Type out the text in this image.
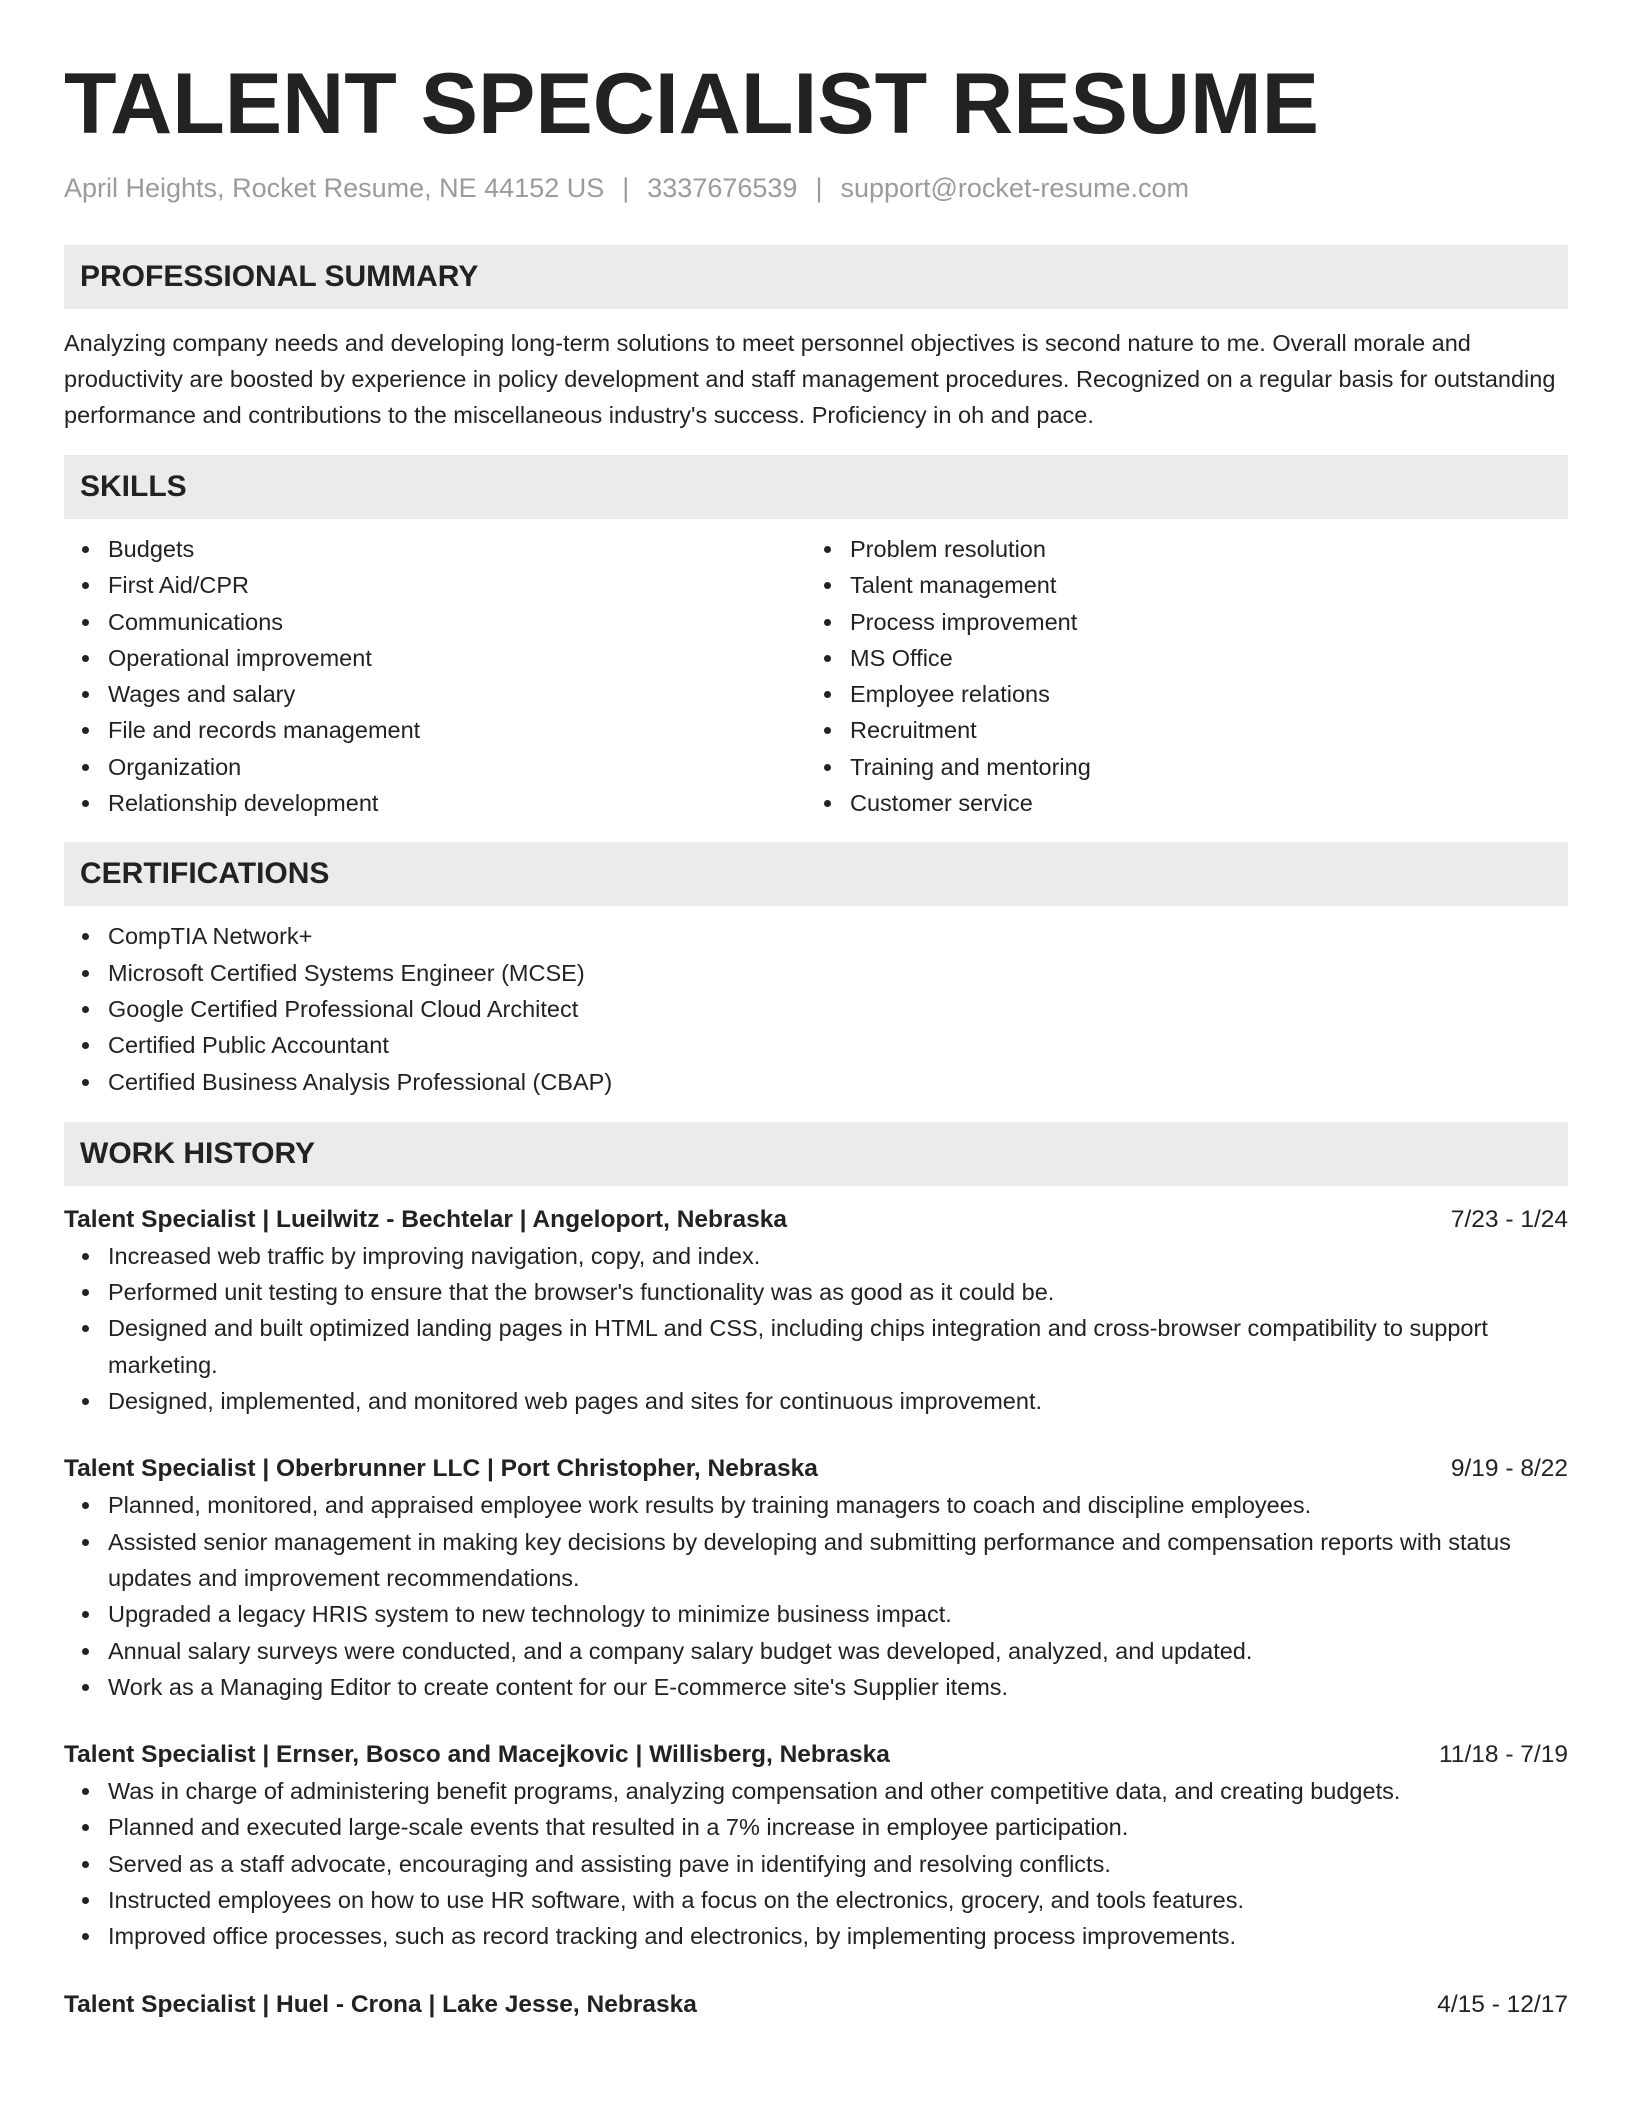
TALENT SPECIALIST RESUME
April Heights, Rocket Resume, NE 44152 US | 3337676539 | support@rocket-resume.com
PROFESSIONAL SUMMARY

Analyzing company needs and developing long-term solutions to meet personnel objectives is second nature to me. Overall morale and productivity are boosted by experience in policy development and staff management procedures. Recognized on a regular basis for outstanding performance and contributions to the miscellaneous industry's success. Proficiency in oh and pace.

SKILLS
Budgets
First Aid/CPR
Communications
Operational improvement
Wages and salary
File and records management
Organization
Relationship development
Problem resolution
Talent management
Process improvement
MS Office
Employee relations
Recruitment
Training and mentoring
Customer service
CERTIFICATIONS
CompTIA Network+
Microsoft Certified Systems Engineer (MCSE)
Google Certified Professional Cloud Architect
Certified Public Accountant
Certified Business Analysis Professional (CBAP)
WORK HISTORY
Talent Specialist | Lueilwitz - Bechtelar | Angeloport, Nebraska	7/23 - 1/24
Increased web traffic by improving navigation, copy, and index.
Performed unit testing to ensure that the browser's functionality was as good as it could be.
Designed and built optimized landing pages in HTML and CSS, including chips integration and cross-browser compatibility to support marketing.
Designed, implemented, and monitored web pages and sites for continuous improvement.
Talent Specialist | Oberbrunner LLC | Port Christopher, Nebraska	9/19 - 8/22
Planned, monitored, and appraised employee work results by training managers to coach and discipline employees.
Assisted senior management in making key decisions by developing and submitting performance and compensation reports with status updates and improvement recommendations.
Upgraded a legacy HRIS system to new technology to minimize business impact.
Annual salary surveys were conducted, and a company salary budget was developed, analyzed, and updated.
Work as a Managing Editor to create content for our E-commerce site's Supplier items.
Talent Specialist | Ernser, Bosco and Macejkovic | Willisberg, Nebraska	11/18 - 7/19
Was in charge of administering benefit programs, analyzing compensation and other competitive data, and creating budgets.
Planned and executed large-scale events that resulted in a 7% increase in employee participation.
Served as a staff advocate, encouraging and assisting pave in identifying and resolving conflicts.
Instructed employees on how to use HR software, with a focus on the electronics, grocery, and tools features.
Improved office processes, such as record tracking and electronics, by implementing process improvements.
Talent Specialist | Huel - Crona | Lake Jesse, Nebraska	4/15 - 12/17
